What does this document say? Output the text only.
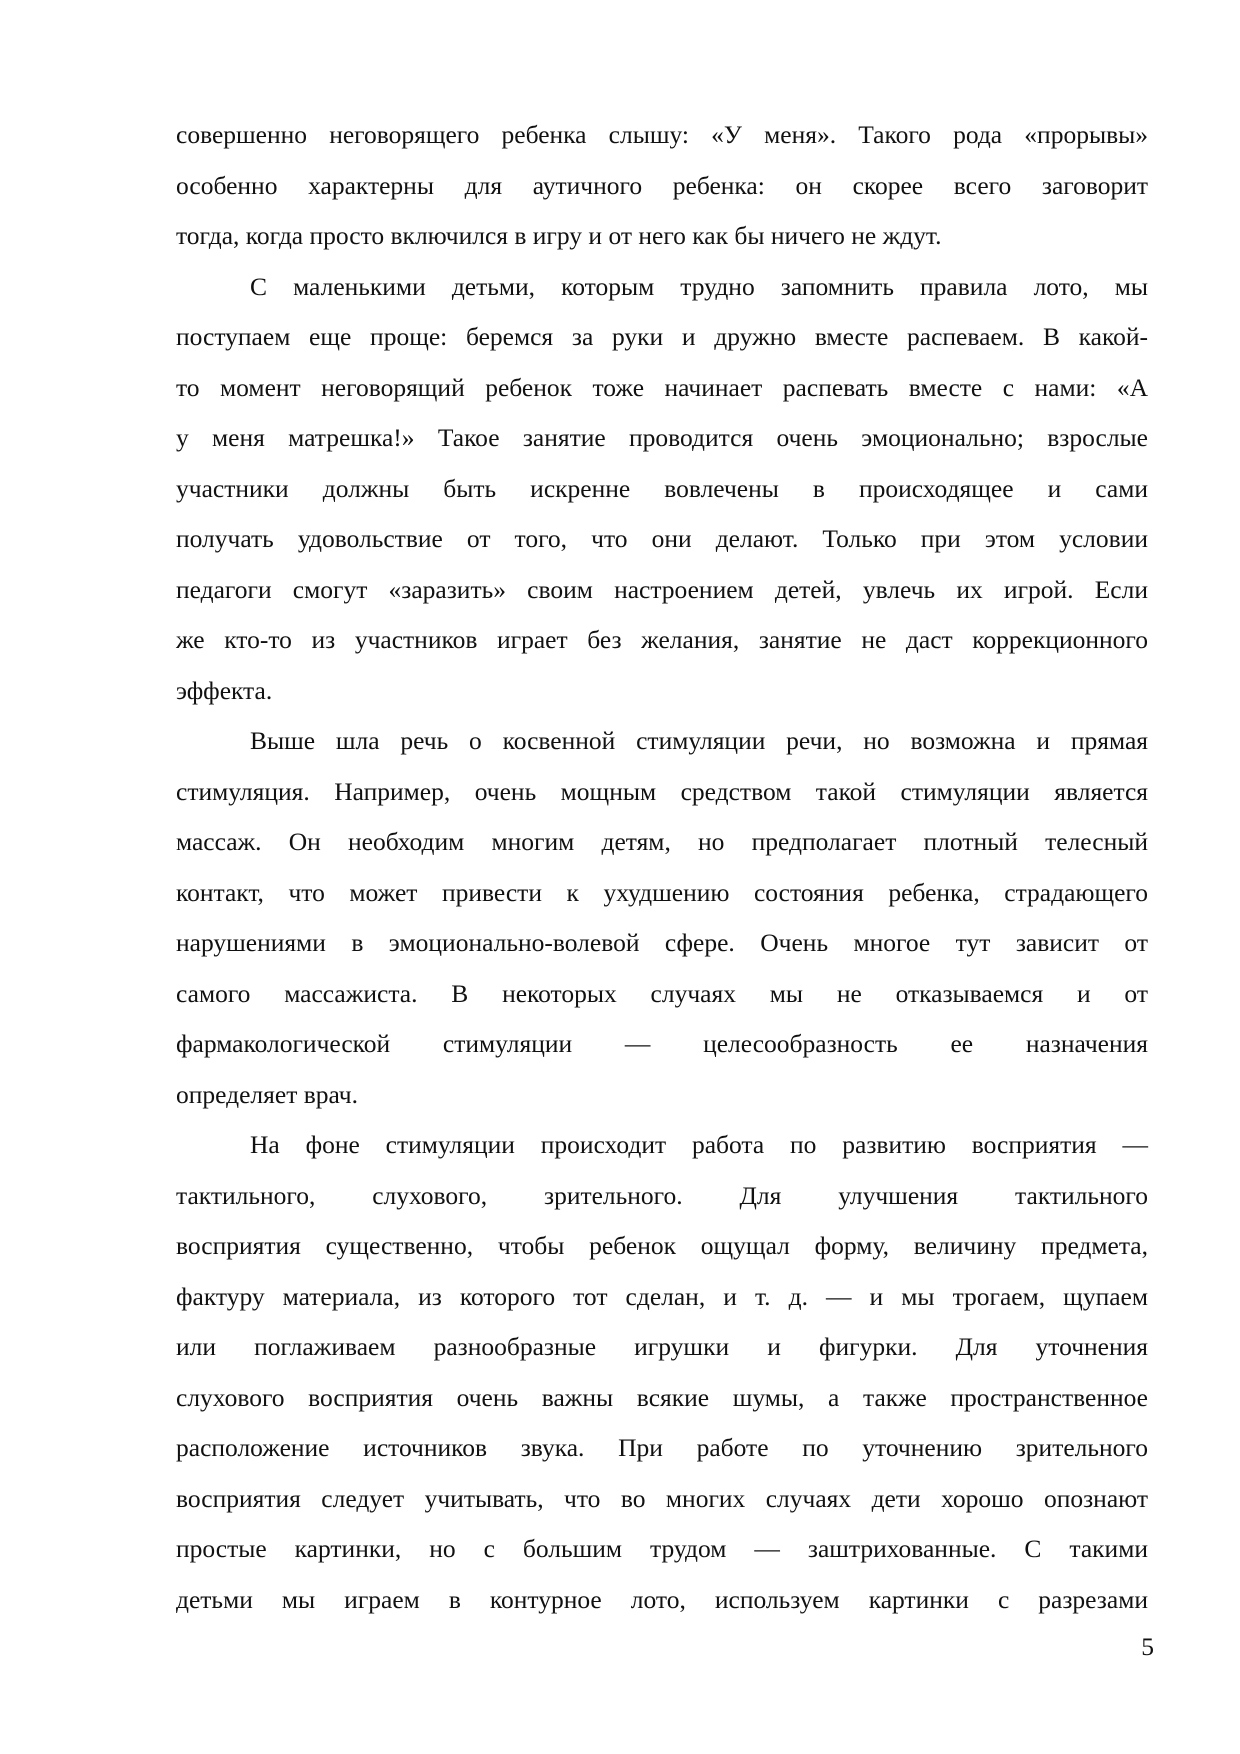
совершенно неговорящего ребенка слышу: «У меня». Такого рода «прорывы»
особенно характерны для аутичного ребенка: он скорее всего заговорит
тогда, когда просто включился в игру и от него как бы ничего не ждут.
С маленькими детьми, которым трудно запомнить правила лото, мы
поступаем еще проще: беремся за руки и дружно вместе распеваем. В какой-
то момент неговорящий ребенок тоже начинает распевать вместе с нами: «А
у меня матрешка!» Такое занятие проводится очень эмоционально; взрослые
участники должны быть искренне вовлечены в происходящее и сами
получать удовольствие от того, что они делают. Только при этом условии
педагоги смогут «заразить» своим настроением детей, увлечь их игрой. Если
же кто-то из участников играет без желания, занятие не даст коррекционного
эффекта.
Выше шла речь о косвенной стимуляции речи, но возможна и прямая
стимуляция. Например, очень мощным средством такой стимуляции является
массаж. Он необходим многим детям, но предполагает плотный телесный
контакт, что может привести к ухудшению состояния ребенка, страдающего
нарушениями в эмоционально-волевой сфере. Очень многое тут зависит от
самого массажиста. В некоторых случаях мы не отказываемся и от
фармакологической стимуляции — целесообразность ее назначения
определяет врач.
На фоне стимуляции происходит работа по развитию восприятия —
тактильного, слухового, зрительного. Для улучшения тактильного
восприятия существенно, чтобы ребенок ощущал форму, величину предмета,
фактуру материала, из которого тот сделан, и т. д. — и мы трогаем, щупаем
или поглаживаем разнообразные игрушки и фигурки. Для уточнения
слухового восприятия очень важны всякие шумы, а также пространственное
расположение источников звука. При работе по уточнению зрительного
восприятия следует учитывать, что во многих случаях дети хорошо опознают
простые картинки, но с большим трудом — заштрихованные. С такими
детьми мы играем в контурное лото, используем картинки с разрезами
5
